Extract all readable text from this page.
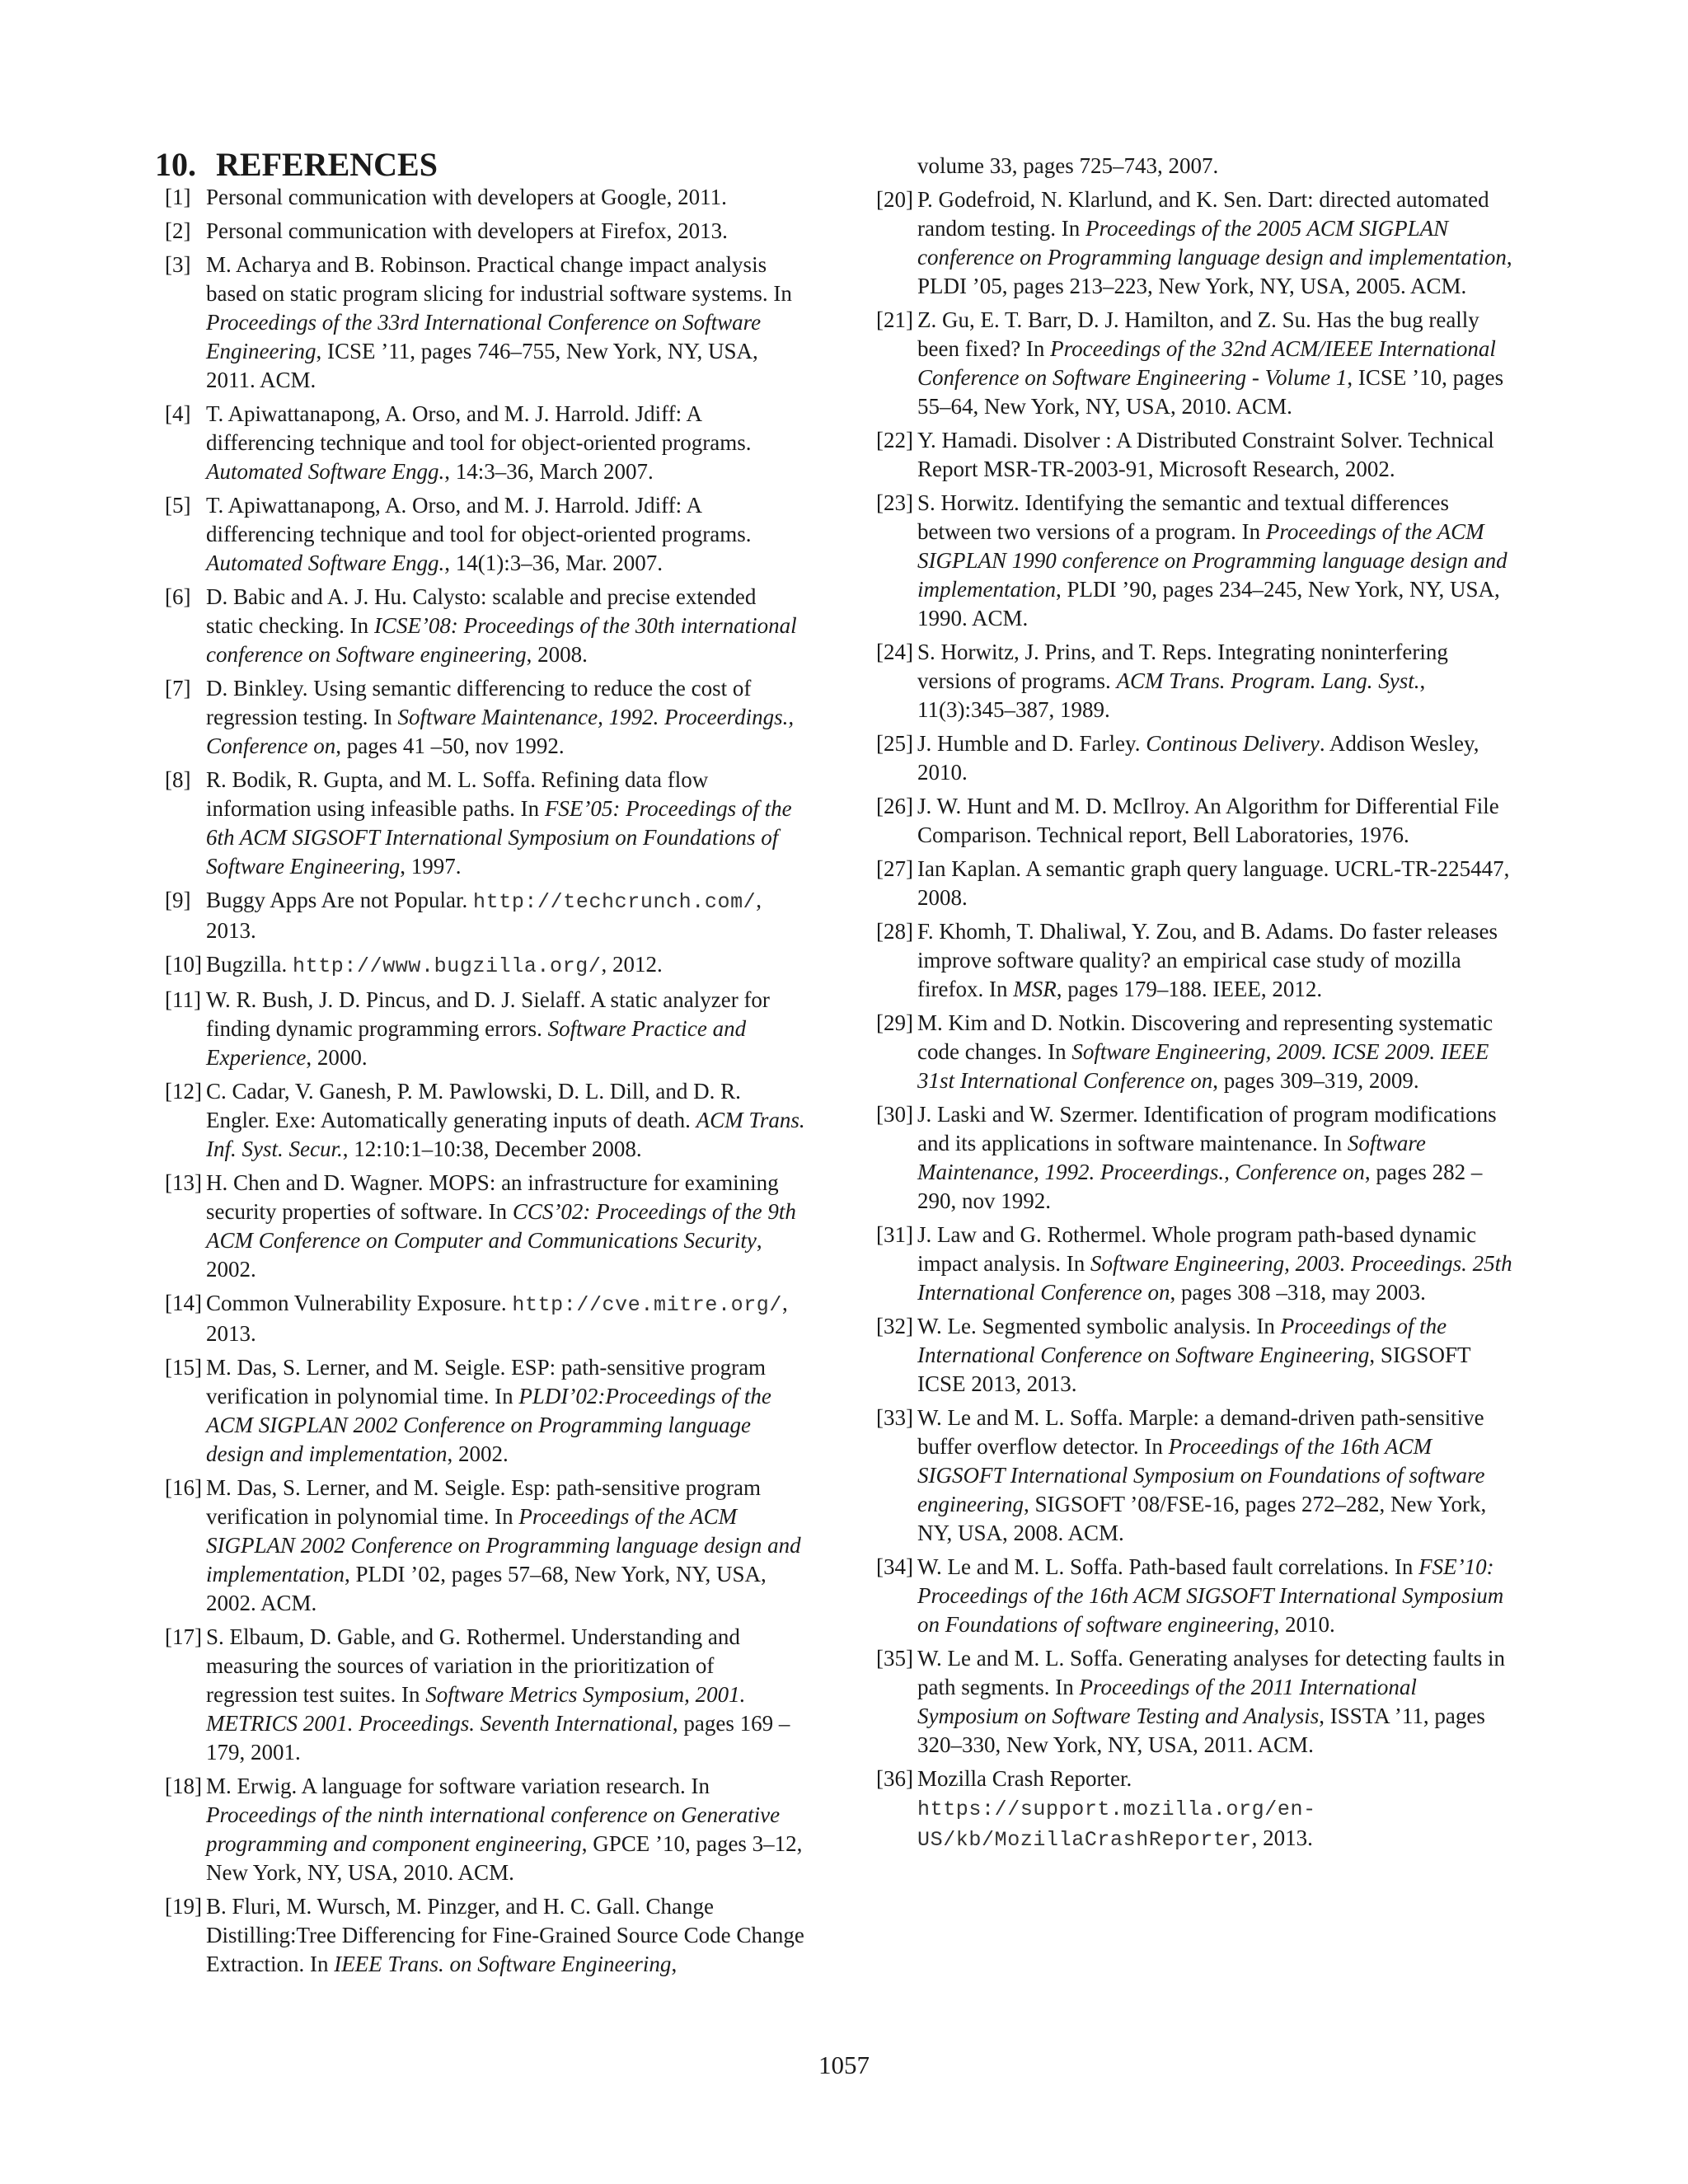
10. REFERENCES
[1] Personal communication with developers at Google, 2011.
[2] Personal communication with developers at Firefox, 2013.
[3] M. Acharya and B. Robinson. Practical change impact analysis based on static program slicing for industrial software systems. In Proceedings of the 33rd International Conference on Software Engineering, ICSE ’11, pages 746–755, New York, NY, USA, 2011. ACM.
[4] T. Apiwattanapong, A. Orso, and M. J. Harrold. Jdiff: A differencing technique and tool for object-oriented programs. Automated Software Engg., 14:3–36, March 2007.
[5] T. Apiwattanapong, A. Orso, and M. J. Harrold. Jdiff: A differencing technique and tool for object-oriented programs. Automated Software Engg., 14(1):3–36, Mar. 2007.
[6] D. Babic and A. J. Hu. Calysto: scalable and precise extended static checking. In ICSE’08: Proceedings of the 30th international conference on Software engineering, 2008.
[7] D. Binkley. Using semantic differencing to reduce the cost of regression testing. In Software Maintenance, 1992. Proceerdings., Conference on, pages 41 –50, nov 1992.
[8] R. Bodik, R. Gupta, and M. L. Soffa. Refining data flow information using infeasible paths. In FSE’05: Proceedings of the 6th ACM SIGSOFT International Symposium on Foundations of Software Engineering, 1997.
[9] Buggy Apps Are not Popular. http://techcrunch.com/, 2013.
[10] Bugzilla. http://www.bugzilla.org/, 2012.
[11] W. R. Bush, J. D. Pincus, and D. J. Sielaff. A static analyzer for finding dynamic programming errors. Software Practice and Experience, 2000.
[12] C. Cadar, V. Ganesh, P. M. Pawlowski, D. L. Dill, and D. R. Engler. Exe: Automatically generating inputs of death. ACM Trans. Inf. Syst. Secur., 12:10:1–10:38, December 2008.
[13] H. Chen and D. Wagner. MOPS: an infrastructure for examining security properties of software. In CCS’02: Proceedings of the 9th ACM Conference on Computer and Communications Security, 2002.
[14] Common Vulnerability Exposure. http://cve.mitre.org/, 2013.
[15] M. Das, S. Lerner, and M. Seigle. ESP: path-sensitive program verification in polynomial time. In PLDI’02:Proceedings of the ACM SIGPLAN 2002 Conference on Programming language design and implementation, 2002.
[16] M. Das, S. Lerner, and M. Seigle. Esp: path-sensitive program verification in polynomial time. In Proceedings of the ACM SIGPLAN 2002 Conference on Programming language design and implementation, PLDI ’02, pages 57–68, New York, NY, USA, 2002. ACM.
[17] S. Elbaum, D. Gable, and G. Rothermel. Understanding and measuring the sources of variation in the prioritization of regression test suites. In Software Metrics Symposium, 2001. METRICS 2001. Proceedings. Seventh International, pages 169 –179, 2001.
[18] M. Erwig. A language for software variation research. In Proceedings of the ninth international conference on Generative programming and component engineering, GPCE ’10, pages 3–12, New York, NY, USA, 2010. ACM.
[19] B. Fluri, M. Wursch, M. Pinzger, and H. C. Gall. Change Distilling:Tree Differencing for Fine-Grained Source Code Change Extraction. In IEEE Trans. on Software Engineering,
volume 33, pages 725–743, 2007.
[20] P. Godefroid, N. Klarlund, and K. Sen. Dart: directed automated random testing. In Proceedings of the 2005 ACM SIGPLAN conference on Programming language design and implementation, PLDI ’05, pages 213–223, New York, NY, USA, 2005. ACM.
[21] Z. Gu, E. T. Barr, D. J. Hamilton, and Z. Su. Has the bug really been fixed? In Proceedings of the 32nd ACM/IEEE International Conference on Software Engineering - Volume 1, ICSE ’10, pages 55–64, New York, NY, USA, 2010. ACM.
[22] Y. Hamadi. Disolver : A Distributed Constraint Solver. Technical Report MSR-TR-2003-91, Microsoft Research, 2002.
[23] S. Horwitz. Identifying the semantic and textual differences between two versions of a program. In Proceedings of the ACM SIGPLAN 1990 conference on Programming language design and implementation, PLDI ’90, pages 234–245, New York, NY, USA, 1990. ACM.
[24] S. Horwitz, J. Prins, and T. Reps. Integrating noninterfering versions of programs. ACM Trans. Program. Lang. Syst., 11(3):345–387, 1989.
[25] J. Humble and D. Farley. Continous Delivery. Addison Wesley, 2010.
[26] J. W. Hunt and M. D. McIlroy. An Algorithm for Differential File Comparison. Technical report, Bell Laboratories, 1976.
[27] Ian Kaplan. A semantic graph query language. UCRL-TR-225447, 2008.
[28] F. Khomh, T. Dhaliwal, Y. Zou, and B. Adams. Do faster releases improve software quality? an empirical case study of mozilla firefox. In MSR, pages 179–188. IEEE, 2012.
[29] M. Kim and D. Notkin. Discovering and representing systematic code changes. In Software Engineering, 2009. ICSE 2009. IEEE 31st International Conference on, pages 309–319, 2009.
[30] J. Laski and W. Szermer. Identification of program modifications and its applications in software maintenance. In Software Maintenance, 1992. Proceerdings., Conference on, pages 282 –290, nov 1992.
[31] J. Law and G. Rothermel. Whole program path-based dynamic impact analysis. In Software Engineering, 2003. Proceedings. 25th International Conference on, pages 308 –318, may 2003.
[32] W. Le. Segmented symbolic analysis. In Proceedings of the International Conference on Software Engineering, SIGSOFT ICSE 2013, 2013.
[33] W. Le and M. L. Soffa. Marple: a demand-driven path-sensitive buffer overflow detector. In Proceedings of the 16th ACM SIGSOFT International Symposium on Foundations of software engineering, SIGSOFT ’08/FSE-16, pages 272–282, New York, NY, USA, 2008. ACM.
[34] W. Le and M. L. Soffa. Path-based fault correlations. In FSE’10: Proceedings of the 16th ACM SIGSOFT International Symposium on Foundations of software engineering, 2010.
[35] W. Le and M. L. Soffa. Generating analyses for detecting faults in path segments. In Proceedings of the 2011 International Symposium on Software Testing and Analysis, ISSTA ’11, pages 320–330, New York, NY, USA, 2011. ACM.
[36] Mozilla Crash Reporter. https://support.mozilla.org/en-US/kb/MozillaCrashReporter, 2013.
1057
